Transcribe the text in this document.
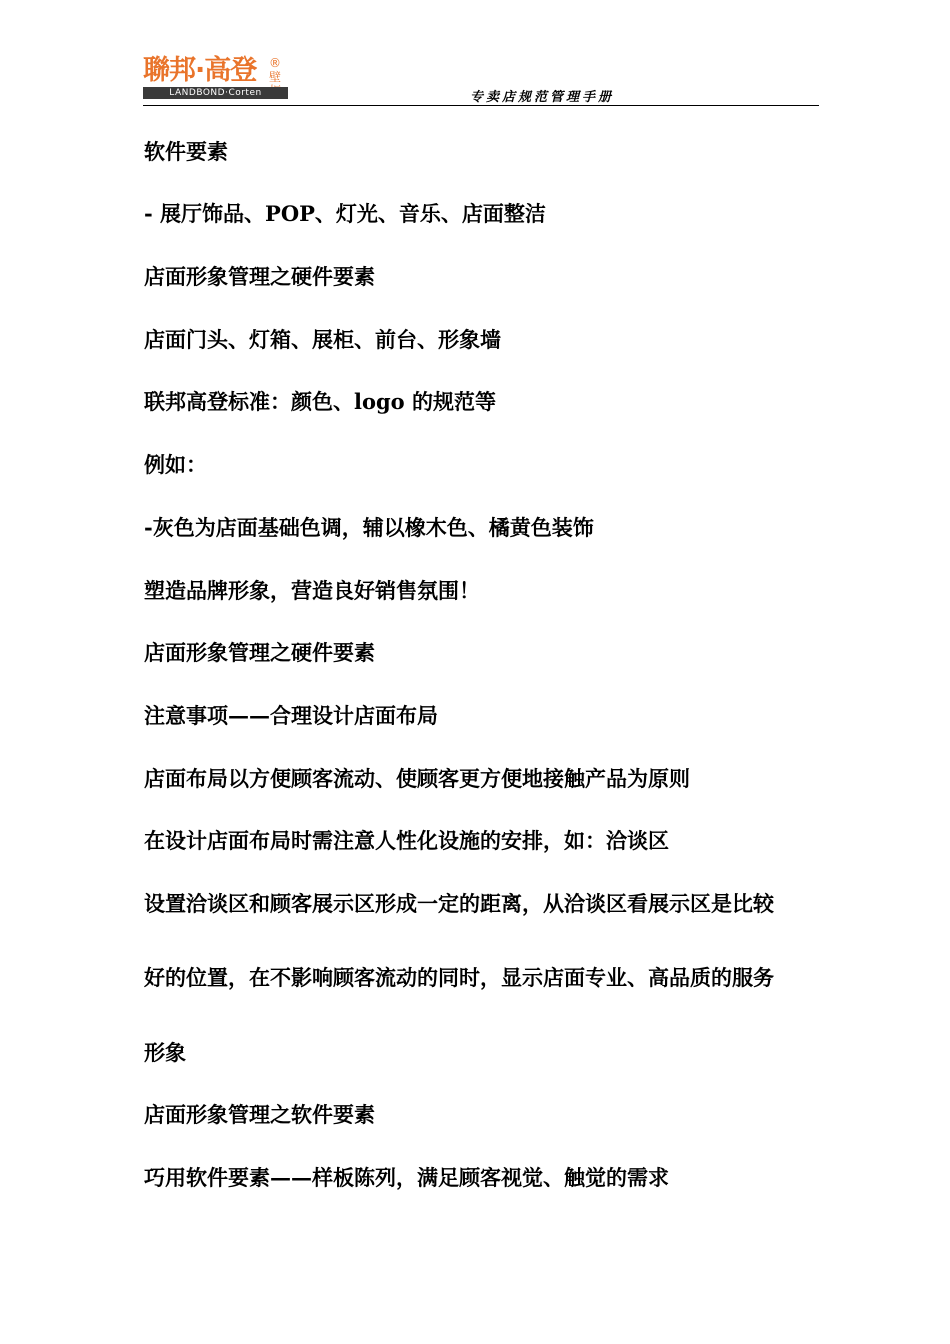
聯邦·高登 ®壁
LANDBOND·Corten	专卖店规范管理手册

软件要素

- 展厅饰品、POP、灯光、音乐、店面整洁

店面形象管理之硬件要素

店面门头、灯箱、展柜、前台、形象墙

联邦高登标准：颜色、logo 的规范等

例如：

-灰色为店面基础色调，辅以橡木色、橘黄色装饰

塑造品牌形象，营造良好销售氛围！

店面形象管理之硬件要素

注意事项——合理设计店面布局

店面布局以方便顾客流动、使顾客更方便地接触产品为原则

在设计店面布局时需注意人性化设施的安排，如：洽谈区

设置洽谈区和顾客展示区形成一定的距离，从洽谈区看展示区是比较

好的位置，在不影响顾客流动的同时，显示店面专业、高品质的服务

形象

店面形象管理之软件要素

巧用软件要素——样板陈列，满足顾客视觉、触觉的需求
